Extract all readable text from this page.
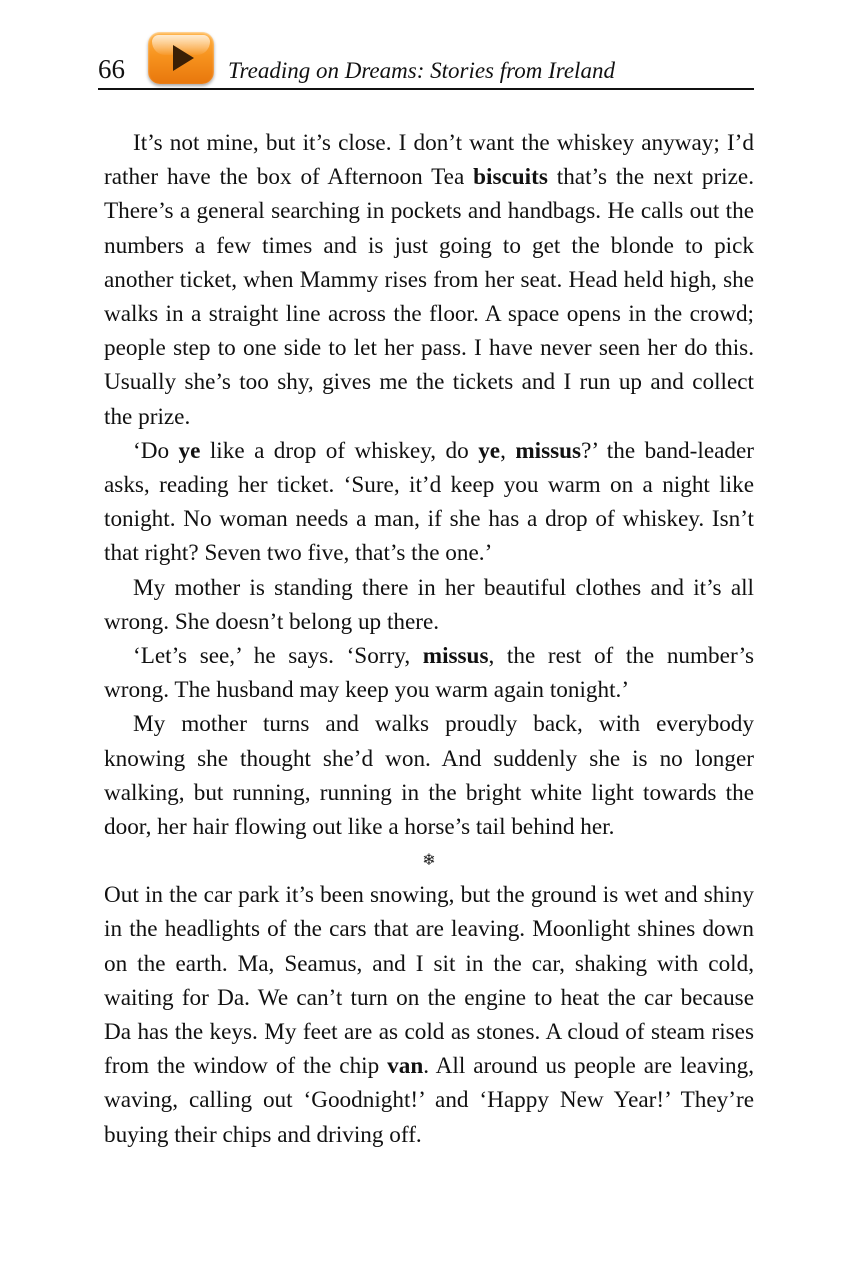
66	Treading on Dreams: Stories from Ireland

It’s not mine, but it’s close. I don’t want the whiskey anyway; I’d rather have the box of Afternoon Tea biscuits that’s the next prize. There’s a general searching in pockets and handbags. He calls out the numbers a few times and is just going to get the blonde to pick another ticket, when Mammy rises from her seat. Head held high, she walks in a straight line across the floor. A space opens in the crowd; people step to one side to let her pass. I have never seen her do this. Usually she’s too shy, gives me the tickets and I run up and collect the prize.

‘Do ye like a drop of whiskey, do ye, missus?’ the band-leader asks, reading her ticket. ‘Sure, it’d keep you warm on a night like tonight. No woman needs a man, if she has a drop of whiskey. Isn’t that right? Seven two five, that’s the one.’

My mother is standing there in her beautiful clothes and it’s all wrong. She doesn’t belong up there.

‘Let’s see,’ he says. ‘Sorry, missus, the rest of the number’s wrong. The husband may keep you warm again tonight.’

My mother turns and walks proudly back, with everybody knowing she thought she’d won. And suddenly she is no longer walking, but running, running in the bright white light towards the door, her hair flowing out like a horse’s tail behind her.

❄

Out in the car park it’s been snowing, but the ground is wet and shiny in the headlights of the cars that are leaving. Moonlight shines down on the earth. Ma, Seamus, and I sit in the car, shaking with cold, waiting for Da. We can’t turn on the engine to heat the car because Da has the keys. My feet are as cold as stones. A cloud of steam rises from the window of the chip van. All around us people are leaving, waving, calling out ‘Goodnight!’ and ‘Happy New Year!’ They’re buying their chips and driving off.
